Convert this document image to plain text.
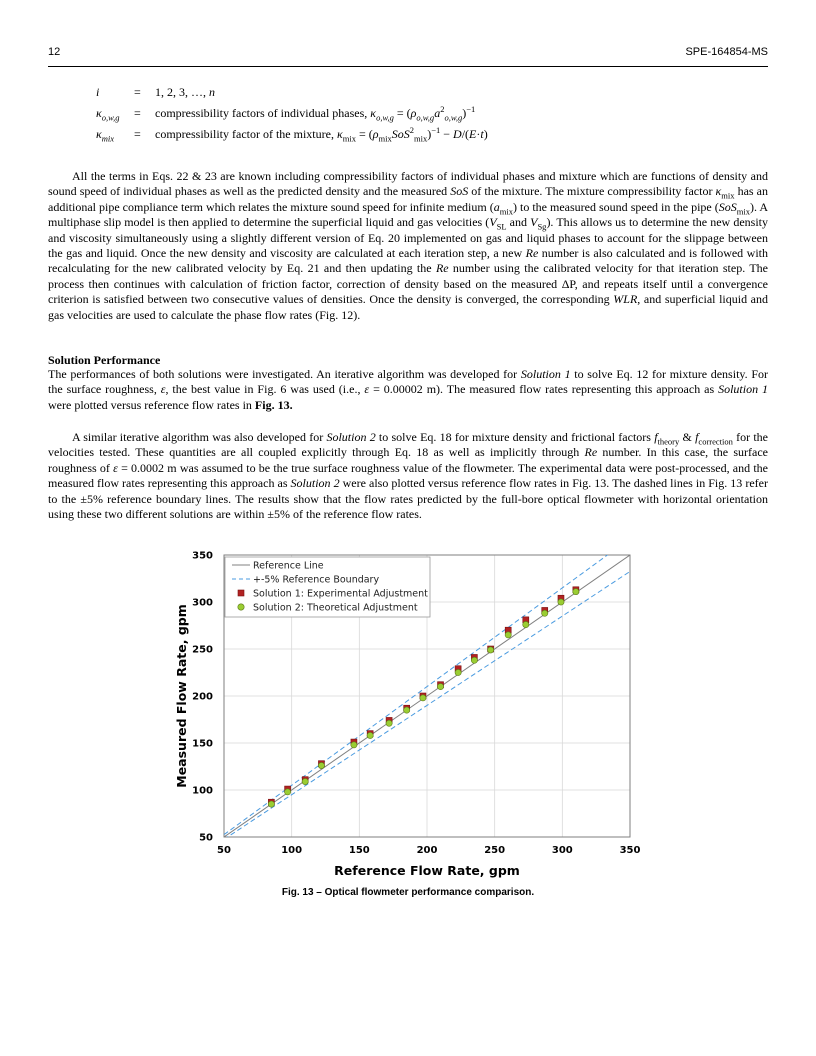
12	SPE-164854-MS
i	= 1, 2, 3, …, n
$\kappa_{o,w,g}$ = compressibility factors of individual phases, $\kappa_{o,w,g} = (\rho_{o,w,g}a^2_{o,w,g})^{-1}$
$\kappa_{mix}$ = compressibility factor of the mixture, $\kappa_{mix} = (\rho_{mix}SoS^2_{mix})^{-1} - D/(E\cdot t)$
All the terms in Eqs. 22 & 23 are known including compressibility factors of individual phases and mixture which are functions of density and sound speed of individual phases as well as the predicted density and the measured SoS of the mixture. The mixture compressibility factor $\kappa_{mix}$ has an additional pipe compliance term which relates the mixture sound speed for infinite medium $(a_{mix})$ to the measured sound speed in the pipe (SoS$_{mix}$). A multiphase slip model is then applied to determine the superficial liquid and gas velocities ($V_{SL}$ and $V_{Sg}$). This allows us to determine the new density and viscosity simultaneously using a slightly different version of Eq. 20 implemented on gas and liquid phases to account for the slippage between the gas and liquid. Once the new density and viscosity are calculated at each iteration step, a new Re number is also calculated and is followed with recalculating for the new calibrated velocity by Eq. 21 and then updating the Re number using the calibrated velocity for that iteration step. The process then continues with calculation of friction factor, correction of density based on the measured ΔP, and repeats itself until a convergence criterion is satisfied between two consecutive values of densities. Once the density is converged, the corresponding WLR, and superficial liquid and gas velocities are used to calculate the phase flow rates (Fig. 12).
Solution Performance
The performances of both solutions were investigated. An iterative algorithm was developed for Solution 1 to solve Eq. 12 for mixture density. For the surface roughness, ε, the best value in Fig. 6 was used (i.e., ε = 0.00002 m). The measured flow rates representing this approach as Solution 1 were plotted versus reference flow rates in Fig. 13.
A similar iterative algorithm was also developed for Solution 2 to solve Eq. 18 for mixture density and frictional factors $f_{theory}$ & $f_{correction}$ for the velocities tested. These quantities are all coupled explicitly through Eq. 18 as well as implicitly through Re number. In this case, the surface roughness of ε = 0.0002 m was assumed to be the true surface roughness value of the flowmeter. The experimental data were post-processed, and the measured flow rates representing this approach as Solution 2 were also plotted versus reference flow rates in Fig. 13. The dashed lines in Fig. 13 refer to the ±5% reference boundary lines. The results show that the flow rates predicted by the full-bore optical flowmeter with horizontal orientation using these two different solutions are within ±5% of the reference flow rates.
50	100	150	200	250	300	350
50
100
150
200
250
300
350
Reference Flow Rate, gpm
Measured Flow Rate, gpm
Reference Line
+-5% Reference Boundary
Solution 1: Experimental Adjustment
Solution 2: Theoretical Adjustment
Fig. 13 – Optical flowmeter performance comparison.
